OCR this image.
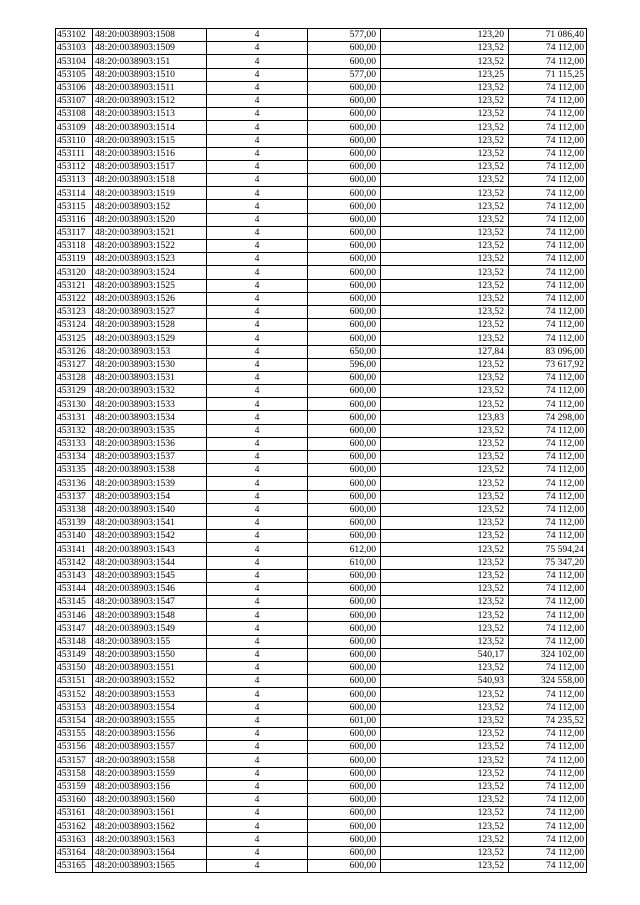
453102	48:20:0038903:1508	4	577,00	123,20	71 086,40
453103	48:20:0038903:1509	4	600,00	123,52	74 112,00
453104	48:20:0038903:151	4	600,00	123,52	74 112,00
453105	48:20:0038903:1510	4	577,00	123,25	71 115,25
453106	48:20:0038903:1511	4	600,00	123,52	74 112,00
453107	48:20:0038903:1512	4	600,00	123,52	74 112,00
453108	48:20:0038903:1513	4	600,00	123,52	74 112,00
453109	48:20:0038903:1514	4	600,00	123,52	74 112,00
453110	48:20:0038903:1515	4	600,00	123,52	74 112,00
453111	48:20:0038903:1516	4	600,00	123,52	74 112,00
453112	48:20:0038903:1517	4	600,00	123,52	74 112,00
453113	48:20:0038903:1518	4	600,00	123,52	74 112,00
453114	48:20:0038903:1519	4	600,00	123,52	74 112,00
453115	48:20:0038903:152	4	600,00	123,52	74 112,00
453116	48:20:0038903:1520	4	600,00	123,52	74 112,00
453117	48:20:0038903:1521	4	600,00	123,52	74 112,00
453118	48:20:0038903:1522	4	600,00	123,52	74 112,00
453119	48:20:0038903:1523	4	600,00	123,52	74 112,00
453120	48:20:0038903:1524	4	600,00	123,52	74 112,00
453121	48:20:0038903:1525	4	600,00	123,52	74 112,00
453122	48:20:0038903:1526	4	600,00	123,52	74 112,00
453123	48:20:0038903:1527	4	600,00	123,52	74 112,00
453124	48:20:0038903:1528	4	600,00	123,52	74 112,00
453125	48:20:0038903:1529	4	600,00	123,52	74 112,00
453126	48:20:0038903:153	4	650,00	127,84	83 096,00
453127	48:20:0038903:1530	4	596,00	123,52	73 617,92
453128	48:20:0038903:1531	4	600,00	123,52	74 112,00
453129	48:20:0038903:1532	4	600,00	123,52	74 112,00
453130	48:20:0038903:1533	4	600,00	123,52	74 112,00
453131	48:20:0038903:1534	4	600,00	123,83	74 298,00
453132	48:20:0038903:1535	4	600,00	123,52	74 112,00
453133	48:20:0038903:1536	4	600,00	123,52	74 112,00
453134	48:20:0038903:1537	4	600,00	123,52	74 112,00
453135	48:20:0038903:1538	4	600,00	123,52	74 112,00
453136	48:20:0038903:1539	4	600,00	123,52	74 112,00
453137	48:20:0038903:154	4	600,00	123,52	74 112,00
453138	48:20:0038903:1540	4	600,00	123,52	74 112,00
453139	48:20:0038903:1541	4	600,00	123,52	74 112,00
453140	48:20:0038903:1542	4	600,00	123,52	74 112,00
453141	48:20:0038903:1543	4	612,00	123,52	75 594,24
453142	48:20:0038903:1544	4	610,00	123,52	75 347,20
453143	48:20:0038903:1545	4	600,00	123,52	74 112,00
453144	48:20:0038903:1546	4	600,00	123,52	74 112,00
453145	48:20:0038903:1547	4	600,00	123,52	74 112,00
453146	48:20:0038903:1548	4	600,00	123,52	74 112,00
453147	48:20:0038903:1549	4	600,00	123,52	74 112,00
453148	48:20:0038903:155	4	600,00	123,52	74 112,00
453149	48:20:0038903:1550	4	600,00	540,17	324 102,00
453150	48:20:0038903:1551	4	600,00	123,52	74 112,00
453151	48:20:0038903:1552	4	600,00	540,93	324 558,00
453152	48:20:0038903:1553	4	600,00	123,52	74 112,00
453153	48:20:0038903:1554	4	600,00	123,52	74 112,00
453154	48:20:0038903:1555	4	601,00	123,52	74 235,52
453155	48:20:0038903:1556	4	600,00	123,52	74 112,00
453156	48:20:0038903:1557	4	600,00	123,52	74 112,00
453157	48:20:0038903:1558	4	600,00	123,52	74 112,00
453158	48:20:0038903:1559	4	600,00	123,52	74 112,00
453159	48:20:0038903:156	4	600,00	123,52	74 112,00
453160	48:20:0038903:1560	4	600,00	123,52	74 112,00
453161	48:20:0038903:1561	4	600,00	123,52	74 112,00
453162	48:20:0038903:1562	4	600,00	123,52	74 112,00
453163	48:20:0038903:1563	4	600,00	123,52	74 112,00
453164	48:20:0038903:1564	4	600,00	123,52	74 112,00
453165	48:20:0038903:1565	4	600,00	123,52	74 112,00
